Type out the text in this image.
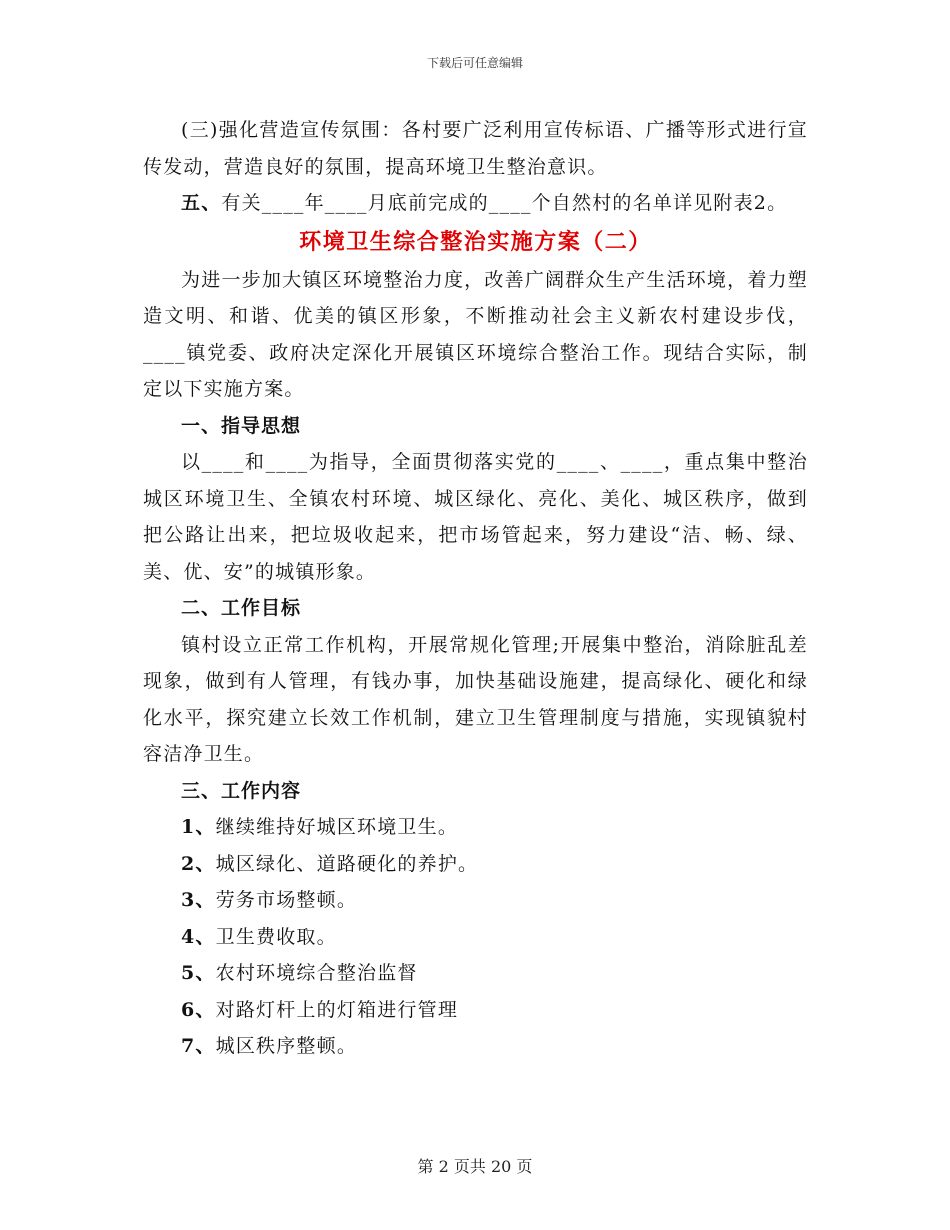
下载后可任意编辑

(三)强化营造宣传氛围：各村要广泛利用宣传标语、广播等形式进行宣传发动，营造良好的氛围，提高环境卫生整治意识。

五、有关____年____月底前完成的____个自然村的名单详见附表2。

环境卫生综合整治实施方案（二）

为进一步加大镇区环境整治力度，改善广阔群众生产生活环境，着力塑造文明、和谐、优美的镇区形象，不断推动社会主义新农村建设步伐，____镇党委、政府决定深化开展镇区环境综合整治工作。现结合实际，制定以下实施方案。

一、指导思想

以____和____为指导，全面贯彻落实党的____、____，重点集中整治城区环境卫生、全镇农村环境、城区绿化、亮化、美化、城区秩序，做到把公路让出来，把垃圾收起来，把市场管起来，努力建设“洁、畅、绿、美、优、安”的城镇形象。

二、工作目标

镇村设立正常工作机构，开展常规化管理;开展集中整治，消除脏乱差现象，做到有人管理，有钱办事，加快基础设施建，提高绿化、硬化和绿化水平，探究建立长效工作机制，建立卫生管理制度与措施，实现镇貌村容洁净卫生。

三、工作内容

1、继续维持好城区环境卫生。

2、城区绿化、道路硬化的养护。

3、劳务市场整顿。

4、卫生费收取。

5、农村环境综合整治监督

6、对路灯杆上的灯箱进行管理

7、城区秩序整顿。

第 2 页共 20 页
